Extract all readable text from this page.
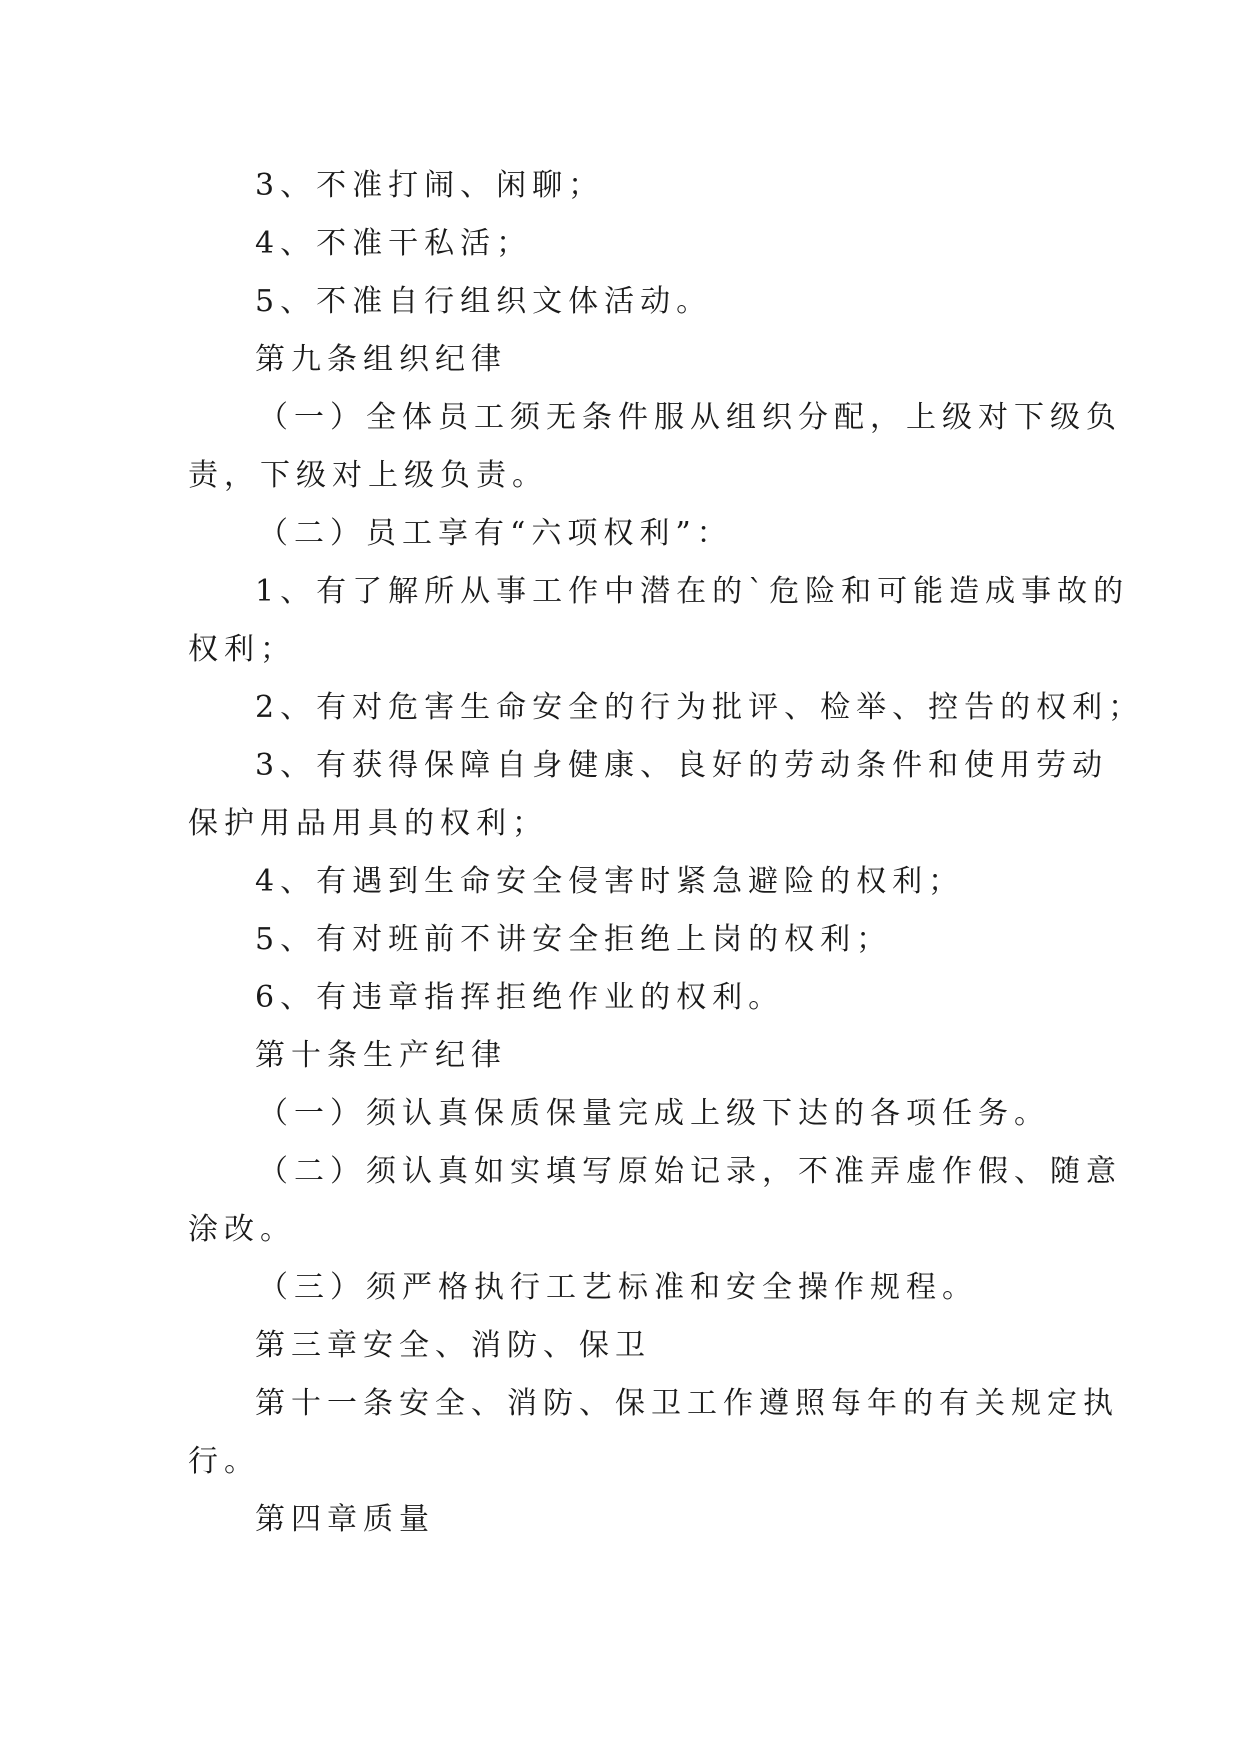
3、不准打闹、闲聊；
4、不准干私活；
5、不准自行组织文体活动。
第九条组织纪律
（一）全体员工须无条件服从组织分配，上级对下级负
责，下级对上级负责。
（二）员工享有“六项权利”：
1、有了解所从事工作中潜在的`危险和可能造成事故的
权利；
2、有对危害生命安全的行为批评、检举、控告的权利；
3、有获得保障自身健康、良好的劳动条件和使用劳动
保护用品用具的权利；
4、有遇到生命安全侵害时紧急避险的权利；
5、有对班前不讲安全拒绝上岗的权利；
6、有违章指挥拒绝作业的权利。
第十条生产纪律
（一）须认真保质保量完成上级下达的各项任务。
（二）须认真如实填写原始记录，不准弄虚作假、随意
涂改。
（三）须严格执行工艺标准和安全操作规程。
第三章安全、消防、保卫
第十一条安全、消防、保卫工作遵照每年的有关规定执
行。
第四章质量
